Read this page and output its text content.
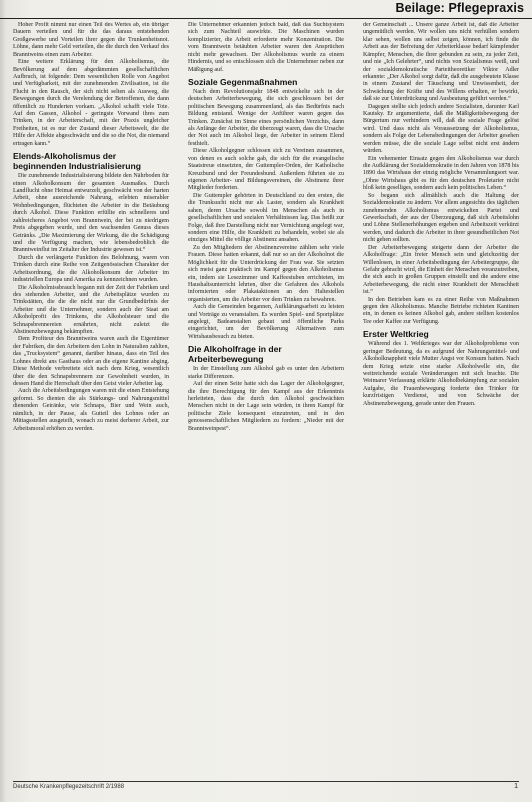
Beilage: Pflegepraxis

Hoher Profit nimmt nur einen Teil des Wertes ab, ein übriger Dauern verteilen und für die das daraus entstehenden Großgewerbe und Vorteilen ihrer gegen die Trunkenheitsnot. Löhne, dann mehr Geld verteilen, die die durch den Verkauf des Branntweins einen zum Arbeiter.

Eine weitere Erklärung für den Alkoholismus, die Bevölkerung auf dem abgedämmten gesellschaftlichen Aufbruch, ist folgende: Dem wesentlichen Rolle von Angebot und Verfügbarkeit, mit der zunehmenden Zivilisation, ist die Flucht in den Rausch, der sich nicht selten als Ausweg, die Bewegungen durch die Verelendung der Betroffenen, die dann öffentlich zu Hunderten vorkam. „Alkohol schafft viele Tote. Auf den Gassen, Alkohol - geringste Vorwand ihres zum Trinken, in der Arbeiterschaft, mit der Praxis ungleicher Freiheiten, ist es nur der Zustand dieser Arbeitswelt, die die Hilfe der Affekte abgeschwächt und die so die Not, die niemand ertragen kann.“

Elends-Alkoholismus der beginnenden Industrialisierung

Die zunehmende Industrialisierung bildete den Nährboden für einen Alkoholkonsum der gesamten Ausmaßes. Durch Landflucht ohne Heimat entwurzelt, geschwächt von der harten Arbeit, ohne ausreichende Nahrung, erlebten miserabler Wohnbedingungen, flüchteten die Arbeiter in die Betäubung durch Alkohol. Diese Funktion erfüllte ein schnelleres und zahlreicheres Angebot von Branntwein, der bei zu niedrigem Preis abgegeben wurde, und den wachsenden Genuss dieses Getränks. „Die Maximierung der Wirkung, die die Schädigung und die Verfügung machen, wie lebensbedrohlich die Branntweinflut im Zeitalter der Industrie gewesen ist.“

Durch die verlängerte Funktion des Belohnung, waren von Trinken durch eine Reihe von Zeitgenössischen Charakter der Arbeitsordnung, die die Alkoholkonsum der Arbeiter im industriellen Europa und Amerika zu kennzeichnen wurden.

Die Alkoholmissbrauch begann mit der Zeit der Fabriken und des stehenden Arbeiter, und die Arbeitsplätze wurden zu Trinkstätten, die die die nicht nur die Grundbedürfnis der Arbeiter und die Unternehmer, sondern auch der Staat am Alkoholprofit des Trinkens, die Alkoholsteuer und die Schnapsbrennereien ernährten, nicht zuletzt die Abstinenzbewegung bekämpften.

Dem Profiteur des Branntweins waren auch die Eigentümer der Fabriken, die den Arbeitern den Lohn in Naturalien zahlten, das „Trucksystem“ genannt, darüber hinaus, dass ein Teil des Lohnes direkt ans Gasthaus oder an die eigene Kantine abging. Diese Methode verbreitete sich nach dem Krieg, wesentlich über die den Schnapsbrennern zur Gewohnheit wurden, in dessen Hand die Herrschaft über den Geist vieler Arbeiter lag.

Auch die Arbeitsbedingungen waren mit die einen Entstehung geformt. So dienten die als Stärkungs- und Nahrungsmittel dienenden Getränke, wie Schnaps, Bier und Wein auch, nämlich, in der Pause, als Gutteil des Lohnes oder an Mittagsstellen ausgeteilt, wonach zu meist derberer Arbeit, zur Arbeitsmoral erhöhen zu werden.

Die Unternehmer erkannten jedoch bald, daß das Suchtsystem sich zum Nachteil auswirkte. Die Maschinen wurden komplizierter, die Arbeit erforderte mehr Konzentration. Die vom Branntwein betäubten Arbeiter waren den Ansprüchen nicht mehr gewachsen. Der Alkoholismus wurde zu einem Hindernis, und so entschlossen sich die Unternehmer neben zur Mäßigung auf.

Soziale Gegenmaßnahmen

Nach dem Revolutionsjahr 1848 entwickelte sich in der deutschen Arbeiterbewegung, die sich geschlossen bei der politischen Bewegung zusammenfand, als das Bedürfnis nach Bildung entstand. Wenige der Anführer waren gegen das Trinken. Zunächst im Sinne eines persönlichen Verzichts, dann als Anfänge der Arbeiter, die überzeugt waren, dass die Ursache der Not auch im Alkohol liege, der Arbeiter in seinem Elend festhielt.

Diese Alkoholgegner schlossen sich zu Vereinen zusammen, von denen es auch solche gab, die sich für die evangelische Staatstreue einsetzten, der Guttempler-Orden, der Katholische Kreuzbund und der Freundesbund. Außerdem führten sie zu eigenen Arbeiter- und Bildungsvereinen, die Abstinenz ihrer Mitglieder forderten.

Die Guttempler gehörten in Deutschland zu den ersten, die die Trunksucht nicht nur als Laster, sondern als Krankheit sahen, deren Ursache sowohl im Menschen als auch in gesellschaftlichen und sozialen Verhältnissen lag. Das heißt zur Folge, daß ihre Darstellung nicht nur Vernichtung angelegt war, sondern eine Hilfe, die Krankheit zu behandeln, wobei sie als einziges Mittel die völlige Abstinenz ansahen.

Zu den Mitgliedern der Abstinenzvereine zählten sehr viele Frauen. Diese hatten erkannt, daß nur so an der Alkoholnot die Möglichkeit für die Unterdrückung der Frau war. Sie setzten sich meist ganz praktisch im Kampf gegen den Alkoholismus ein, indem sie Lesezimmer und Kaffeestuben errichteten, im Haushaltsunterricht lehrten, über die Gefahren des Alkohols informierten oder Plakataktionen an den Haltestellen organisierten, um die Arbeiter vor dem Trinken zu bewahren.

Auch die Gemeinden begannen, Aufklärungsarbeit zu leisten und Vorträge zu veranstalten. Es wurden Spiel- und Sportplätze angelegt, Badeanstalten gebaut und öffentliche Parks eingerichtet, um der Bevölkerung Alternativen zum Wirtshausbesuch zu bieten.

Die Alkoholfrage in der Arbeiterbewegung

In der Einstellung zum Alkohol gab es unter den Arbeitern starke Differenzen.

Auf der einen Seite hatte sich das Lager der Alkoholgegner, die ihre Berechtigung für den Kampf aus der Erkenntnis herleiteten, dass die durch den Alkohol geschwächten Menschen nicht in der Lage sein würden, in ihren Kampf für politische Ziele konsequent einzutreten, und in den genossenschaftlichen Mitgliedern zu fordern: „Nieder mit der Branntweinpest“.

der Gemeinschaft ... Unsere ganze Arbeit ist, daß die Arbeiter ungemütlich werden. Wir wollen uns nicht verhüllen sondern klar sehen, wollen uns selbst zeigen, können, ich finde die Arbeit aus der Befreiung der Arbeiterklasse bedarf kämpfender Kämpfer, Menschen, die ihrer gebunden zu sein, zu jeder Zeit, und nie „Ich Gelehrter“, und nichts von Sozialismus weiß, und der sozialdemokratische Parteitheoretiker Viktor Adler erkannte: „Der Alkohol sorgt dafür, daß die ausgebeutete Klasse in einem Zustand der Täuschung und Unwissenheit, der Schwächung der Kräfte und des Willens erhalten, er bewirkt, daß sie zur Unterdrückung und Ausbeutung geführt werden.“

Dagegen stellte sich jedoch andere Sozialisten, darunter Karl Kautsky. Er argumentierte, daß die Mäßigkeitsbewegung der Bürgertum nur verhindern will, daß die soziale Frage gelöst wird. Und dass nicht als Voraussetzung der Alkoholismus, sondern als Folge der Lebensbedingungen der Arbeiter gesehen werden müsse, die die soziale Lage selbst nicht erst ändern würden.

Ein vehementer Einsatz gegen den Alkoholismus war durch die Aufklärung der Sozialdemokratie in den Jahren von 1878 bis 1890 das Wirtshaus der einzig mögliche Versammlungsort war. „Ohne Wirtshaus gibt es für den deutschen Proletarier nicht bloß kein geselliges, sondern auch kein politisches Leben.“

So begann sich allmählich auch die Haltung der Sozialdemokratie zu ändern. Vor allem angesichts des täglichen zunehmenden Alkoholismus entwickelten Partei und Gewerkschaft, der aus der Überzeugung, daß sich Arbeitslohn und Löhne Stellenerhöhungen ergeben und Arbeitszeit verkürzt werden, und dadurch die Arbeiter in ihrer gesundheitlichen Not nicht gehen sollten.

Der Arbeiterbewegung steigerte dann der Arbeiter die Alkoholfrage: „Ein freier Mensch sein und gleichzeitig der Willenlosen, in einer Arbeitsbedingung der Arbeitergruppe, die Gefahr gebracht wird, die Einheit der Menschen voranzutreiben, die sich auch in großen Gruppen einstellt und die andere eine Arbeiterbewegung, die nicht einer Krankheit der Menschheit ist.“

In den Betrieben kam es zu einer Reihe von Maßnahmen gegen den Alkoholismus. Manche Betriebe richteten Kantinen ein, in denen es keinen Alkohol gab, andere stellten kostenlos Tee oder Kaffee zur Verfügung.

Erster Weltkrieg

Während des 1. Weltkrieges war der Alkoholprobleme von geringer Bedeutung, da es aufgrund der Nahrungsmittel- und Alkoholknappheit viele Mutter Angst vor Konsum hatten. Nach dem Krieg setzte eine starke Alkoholwelle ein, die weitreichende soziale Veränderungen mit sich brachte. Die Weimarer Verfassung erklärte Alkoholbekämpfung zur sozialen Aufgabe, die Frauenbewegung forderte den Trinker für kurzfristigen Verdienst, und von Schwäche der Abstinenzbewegung, gerade unter den Frauen.

Deutsche Krankenpflegezeitschrift 2/1988	1
